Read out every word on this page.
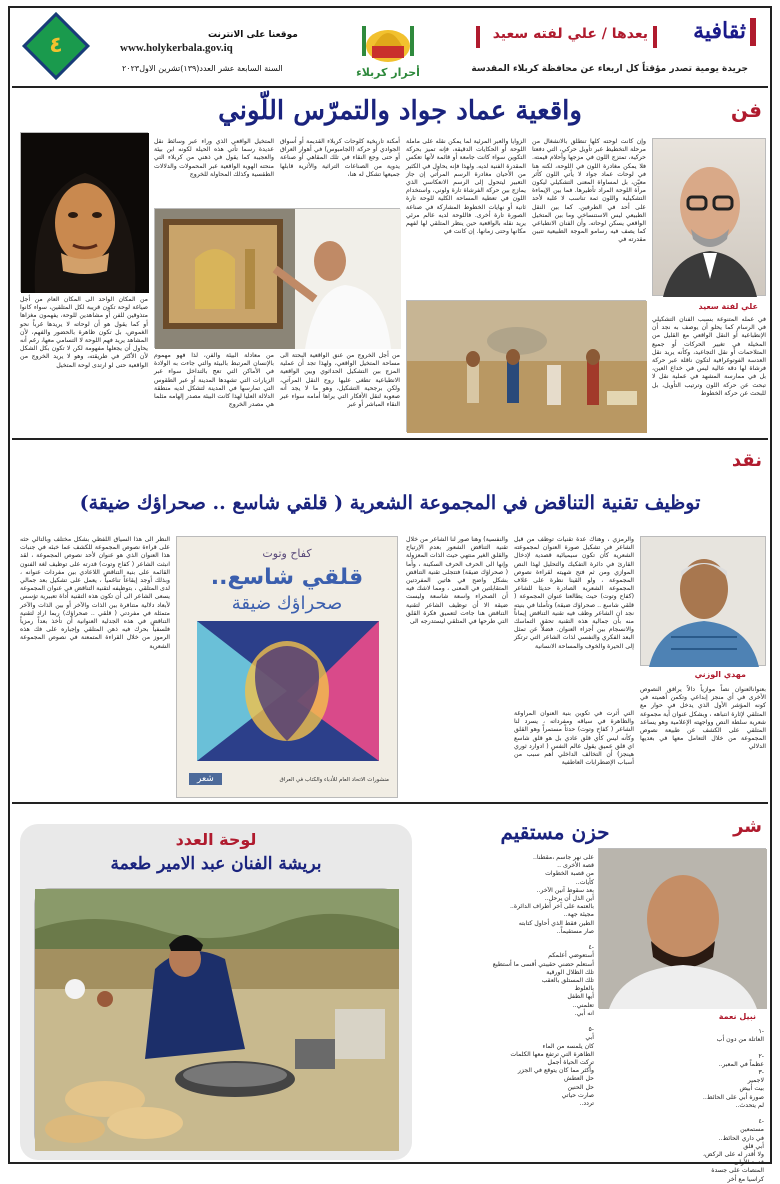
ثقافية
يعدها / علي لفته سعيد
جريدة يومية تصدر مؤقتاً كل اربعاء عن محافظة كربلاء المقدسة
أحرار كربلاء
موقعنا على الانترنت
www.holykerbala.gov.iq
السنة السابعة عشر العدد(١٣٩)تشرين الاول٢٠٢٣
٤
فن
واقعية عماد جواد والتمرّس اللّوني
علي لفتة سعيد
وإن كانت لوحته كلها تنطلق بالانشغال من مرحلة التخطيط عبر تأويل حركي، التي دفعتا حركية، تمتزج اللون في مزجها وأحلام قيمته. فلا يمكن مغادرة اللون في اللوحة، لكنه هنا في لوحات عماد جواد لا يأتي اللون كأثر معيّن، بل لمساواة المعنى التشكيلي ليكون مرآة اللوحة المراد تأطيرها. فما بين الإيماءة التشكيلية واللون ثمة تناسب لا غلبة لأحد على أحد في الطرفين. كما بين النقل الطبيعي ليس الاستنساخي وما بين المتخيل الواقعي يسكن لوحاته. وأن الفنان الانطباعي كما يصف فيه رسامو الموجة الطبيعية تتبين مقدرته في
الزوايا والعبر المرئية لما يمكن نقله على ماملة اللوحة أو الحكايات الدقيقة، فإنه تميز بحركة التكوين سواء كانت جامعة أو قائمة لأنها تعكس المقدرة الفنية لديه. ولهذا فإنه يحاول في الكثير من الأحيان مغادرة الرسم المرآتي إن جاز التعبير ليتحول إلى الرسم الانعكاسي الذي يمازج بين حركة الفرشاة تارة ولوني، واستخدام اللون في تعطية المساحة الكلية للوحة تارة ثانية أو نهايات الخطوط المشاركة في صناعة الصورة تارة أخرى. فاللوحة لديه عالم مرئي يريد نقله بالواقعية حين ينظر المتلقي لها لفهم مكانها وحتى زمانها. إن كانت في
أمكنة تاريخية كلوحات كربلاء القديمة أو أسواق الجوادي أو حركة (الجامبوس) في أهوار العراق أو حتى وجع النقاء في تلك المقاهي أو صناعة يدوية من الصناعات التراثية والأثرية قابلها جميعها تشكل له هنا،
المتخيل الواقعي الذي وراء عبر وسائط نقل عديدة رسما تأتي هذه الحيلة لكونه ابن بيئة والعجيبة كما يقول في ذهني من كربلاء التي منحته الهوية الواقعية عبر المحمولات والدلالات الطقسية وكذلك المحاولة للخروج
من أجل الخروج من عنق الواقعية البحتة الى مساحة المتخيل الواقعي، ولهذا تجد أن عملية المزج بين التشكيل الحداثوي وبين الواقعية الانطباعية تطغى عليها روح النقل المرآتي، ولكن برجحية التشكيل، وهو ما لا يجد أنه صعوبة لنقل الأفكار التي يراها أمامه سواء عبر النقاء المباشر أو عبر
من معادلة البيئة والفن، لذا فهو مهموم بالإنسان المرتبط بالبيئة والتي جاءت به الولادة في الأماكن التي تعج بالتداخل سواء عبر الزيارات التي تشهدها المدينة أو عبر الطقوس التي تمارسها في المدينة لتشكل لديه منطقة الدلالة العليا لهذا كانت البيئة مصدر إلهامه مثلما هي مصدر الخروج
في عمله المتنوعة بسبب الفنان التشكيلي في الرسام كما يحلو أن يوصف به نجد أن الإنطباعية أو النقل الواقعي مع القليل من المخيلة في تغيير الحركات أو جميع المتلاحمات أو نقل التجاعيد، وكأنه يريد نقل العدسة الفوتوغرافية لتكون ناقلة عبر حركة فرشاة لها دقة عالية ليس في خداع العين، بل في ممارسة المشهد في عملية نقل لا تبحث عن حركة اللون وترتيب التأويل، بل للبحث عن حركة الخطوط
من المكان الواحد الى المكان العام من أجل صياغة لوحة تكون قريبة لكل المتلقين، سواء كانوا متذوقين للفن أو مشاهدين للوحة، يفهمون مغزاها أو كما يقول هو أن لوحاته لا يريدها غرباً نحو الغموض، بل تكون ظاهرة بالحضور والفهم، لأن المشاهد يريد فهم اللوحة لا التسامي معها، رغم أنه يحاول أن يجعلها مفهومة لكن لا تكون بكل الشكل لأن الأكثر في طريقته، وهو لا يريد الخروج من الواقعية حتى لو ارتدى لوحة المتخيل
نقد
توظيف تقنية التناقض في المجموعة الشعرية ( قلقي شاسع .. صحراؤك ضيقة)
مهدي الوزني
والرمزي ، وهناك عدة تقنيات توظف من قبل الشاعر في تشكيل صورة العنوان لمجموعته الشعرية كأن تكون سيميائية قصدية لإدخال القارئ في دائرة التفكيك والتحليل لهذا النص الموازي ومن ثم فتح شهيته لقراءة نصوص المجموعة ، ولو القينا نظرة على غلاف المجموعة الشعرية الصادرة حديثا للشاعر (كفاح وتوت) حيث يطالعنا عنوان المجموعة ( قلقي شاسع .. صحراؤك ضيقة) وتأملنا في بنيته نجد ان الشاعر وظف فيه تقنية التناقض إيماناً منه بأن جمالية هذه التقنية تحقق التماسك والانسجام بين أجزاء العنوان. فضلاً عن تمثل البعد الفكري والنفسي لذات الشاعر التي ترتكز إلى الحيرة والخوف والمساحة الانسانية
والنفسية) وهنا صور لنا الشاعر من خلال تقنية التناقض الشعور بعدم الإرتياح والقلق الغير منتهي حيث الذات المعزولة وإنها الى الحرف الحرف السكينة ، وأما ( صحراؤك ضيقة) فتتجلى تقنية التناقض بشكل واضح في هاتين المفردتين المتقابلتين في المعنى ، ومما لاشك فيه أن الصحراء واسعة شاسعة وليست ضيقة الا أن توظيف الشاعر لتقنية التناقض هنا جاءت لتعميق فكرة القلق التي طرحها في المتلقي ليستدرجه الى
كفاح وتوت
قلقي شاسع..
صحراؤك ضيقة
شعر	منشورات الاتحاد العام للأدباء والكتاب في العراق
النظر الى هذا السياق اللفظي بشكل مختلف وبالتالي حثه على قراءة نصوص المجموعة للكشف عما خبئه في جنبات هذا العنوان الذي هو عنوان لأحد نصوص المجموعة ، لقد انبثت الشاعر ( كفاح وتوت) قدرته على توظيف لغة الفنون القائمة على بنية التناقض اللاعادي بين مفردات عنوانه ، وبذلك أوجد إيقاعاً تناغمياً ، يعمل على تشكيل بعد جمالي لدى المتلقي ، بتوظيفه لتقنية التناقض في عنوان المجموعة يسعى الشاعر الى أن تكون هذه التقنية أداة تعبيرية تؤسس لأبعاد دلالية متنافرة بين الذات والآخر أو بين الذات والآخر متمثلة في مفردتي ( قلقي .. صحراؤك) ربما اراد لتقنية التناقض في هذه الجدلية العنوانية أن تأخذ بعداً رمزياً فلسفياً بحرك فيه ذهن المتلقي وإجباره على فك هذه الرموز من خلال القراءة المتمعنة في نصوص المجموعة الشعرية
التي أثرت في تكوين بنية العنوان المراوغة والظاهرة في سياقه ومفرداته ، يسرد لنا الشاعر ( كفاح وتوت) حدثاً مستمراً وهو القلق وكأنه ليس كأي قلق عادي بل هو قلق شاسع اي قلق عميق يقول عالم النفس ( ادوارد ثوري هينجز) أن التخالف الداخلي أهم سبب من أسباب الإضطرابات العاطفية
بعنوانالعنوان نصاً موازياً دالاً يرافق النصوص الأخرى في أي منجز إبداعي وتكمن أهميته في كونه المؤشر الأول الذي يدخل في حوار مع المتلقي لإثارة انتباهه ، وبشكل عنوان أية مجموعة شعرية سلطة النص وواجهته الإعلامية وهو يساعد المتلقي على الكشف عن طبيعة نصوص المجموعة من خلال التعامل معها في بعديها الدلالي
شر
حزن مستقيم
نبيل نعمة
على نهر جاسم ،مقطنا..
قصة الأخرى ..
من قصبة الخطوات
كأيات..
بعد سقوط آنين الآخر..
أين الذل أن يرحل..
بالعتمة على آخر أطراف الدائرة..
مجيئة جهة..
الطين فقط الذي أحاول كتابته
صار مستقيماً..

-٤
أستعوضي أعلمكم
أستعلم حضني حقيبتي أقسى ما أستطيع
تلك الظلال الورقية
تلك المستلق بالعقب
بالعلوط
أيها الطفل
تعلمني..
انه أبي.

-٥
أبي
كان يلمسه من الماء
الطاهرة التي ترتفع معها الكلمات
تركت الحياة أجمل
وأكثر مما كان يتوقع في الجزر
حل العطش
حل الحنين
صارت حياتي
تردد..
-١
العاتلة من دون أب

-٢
عظماً في المعبر..
-٣
لاجمير
بيت أبيض
صورة أبي على الحائط..
لم يتحدث..

-٤
مستمعين
في داري الحائط..
أبي قلق
ولا أقدر له على الركض،
قدمة الأولى
المنصات على جسدة
كراسيا مع أخر
لوحة العدد
بريشة الفنان عبد الامير طعمة
